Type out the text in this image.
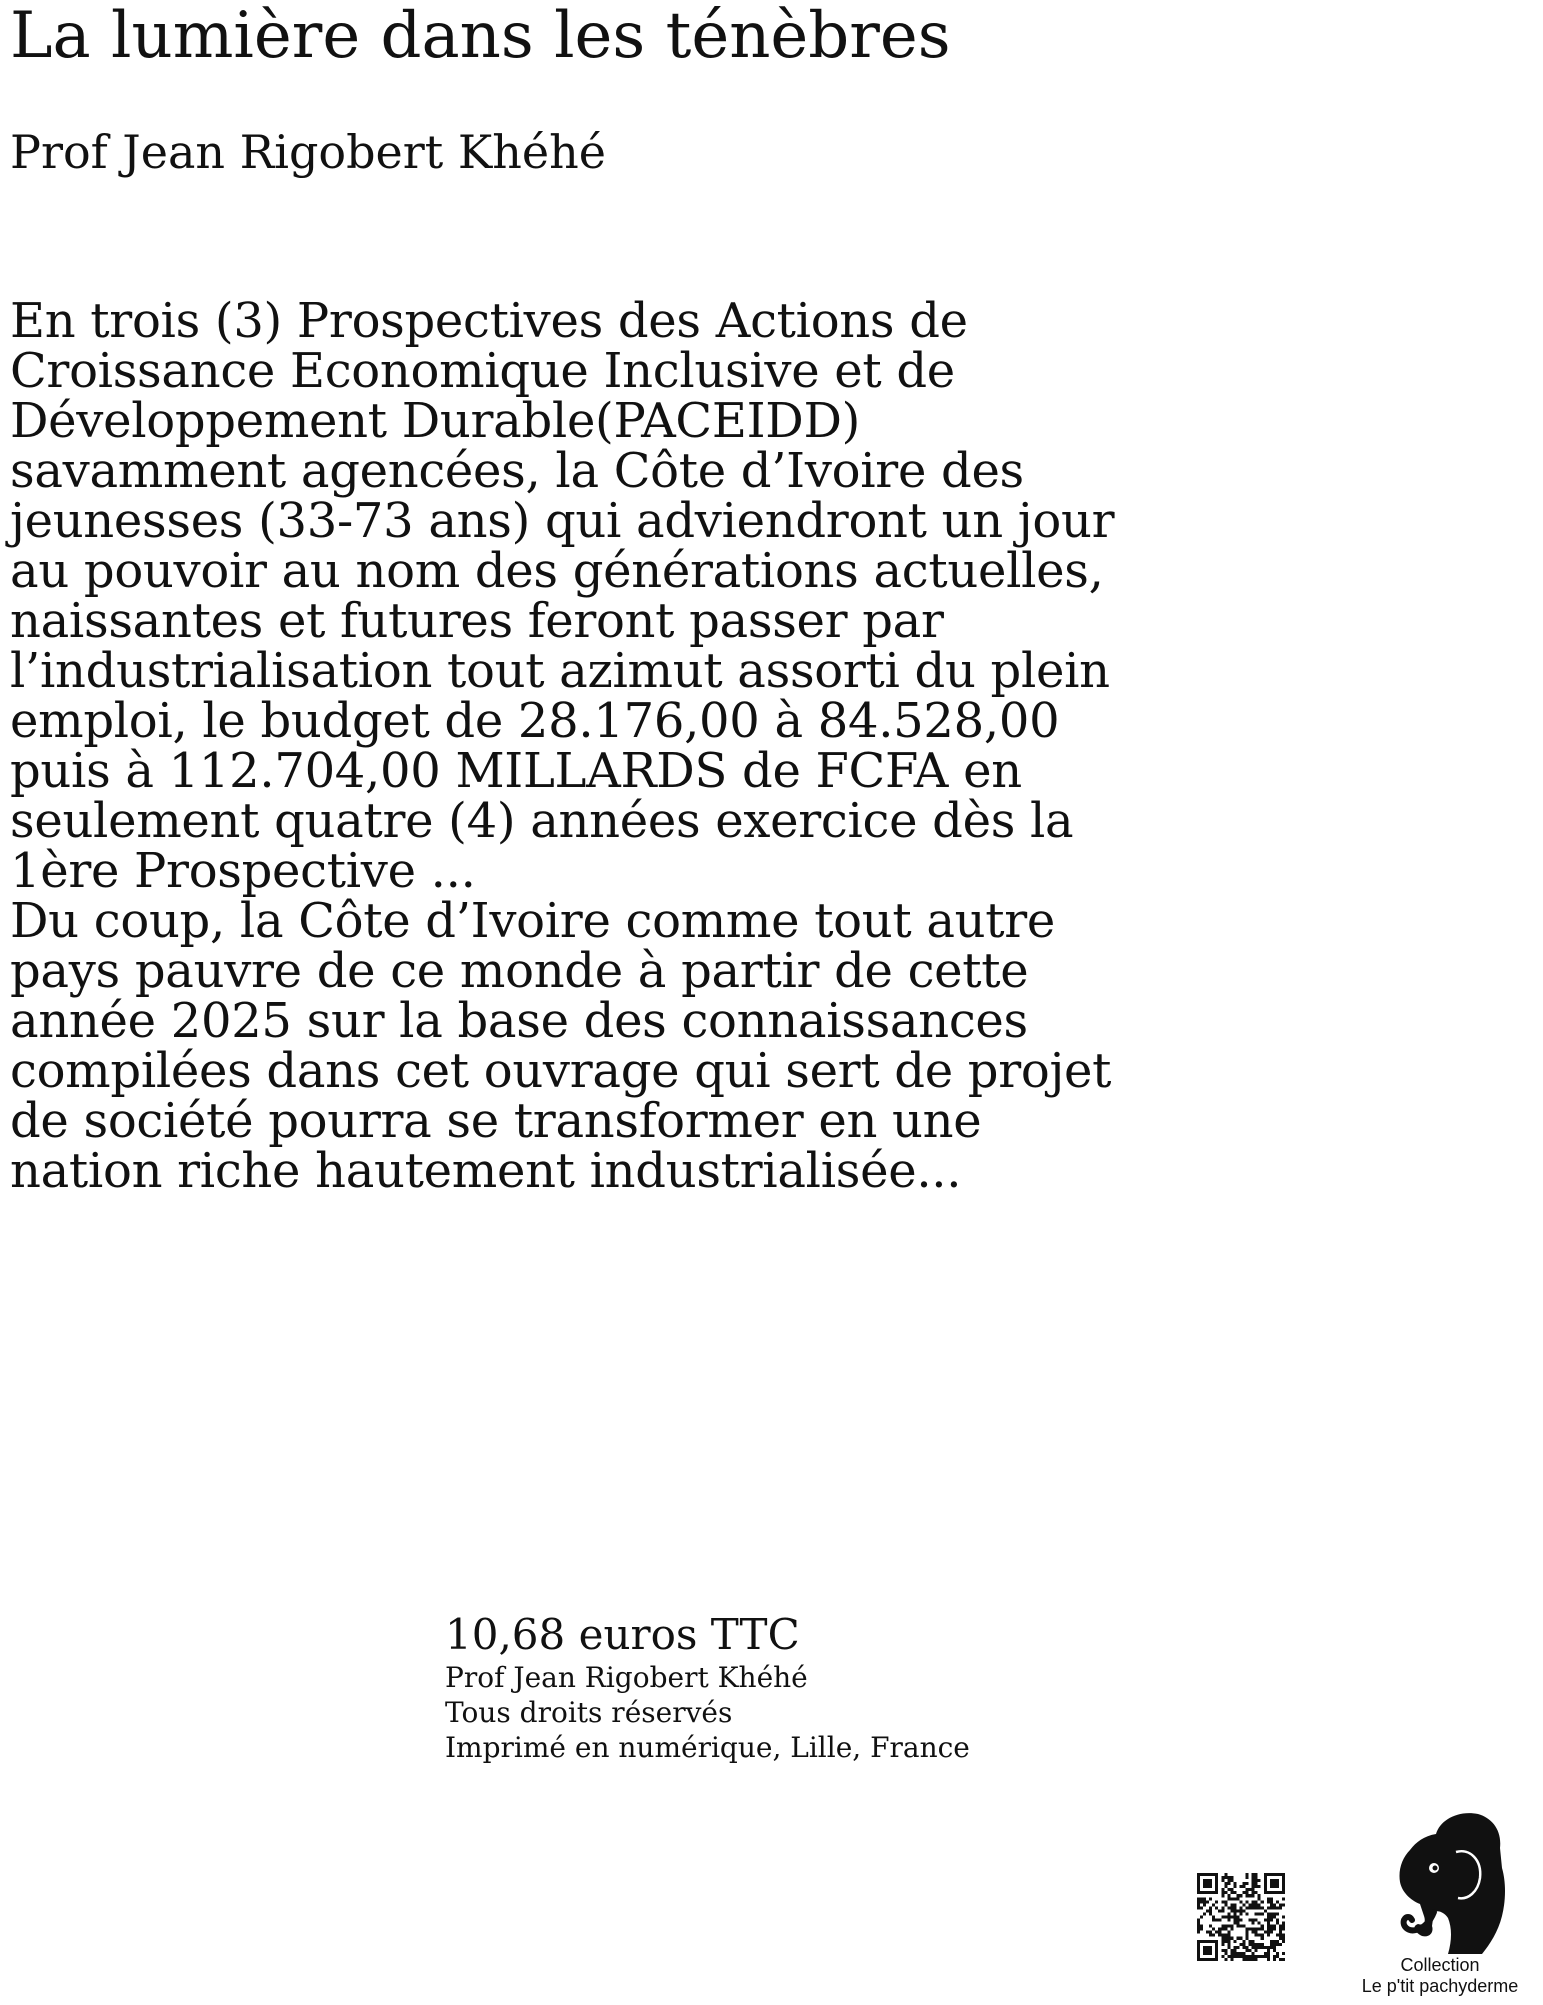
La lumière dans les ténèbres
Prof Jean Rigobert Khéhé

En trois (3) Prospectives des Actions de

Croissance Economique Inclusive et de

Développement Durable(PACEIDD)

savamment agencées, la Côte d’Ivoire des

jeunesses (33-73 ans) qui adviendront un jour

au pouvoir au nom des générations actuelles,

naissantes et futures feront passer par

l’industrialisation tout azimut assorti du plein

emploi, le budget de 28.176,00 à 84.528,00

puis à 112.704,00 MILLARDS de FCFA en

seulement quatre (4) années exercice dès la

1ère Prospective ...

Du coup, la Côte d’Ivoire comme tout autre

pays pauvre de ce monde à partir de cette

année 2025 sur la base des connaissances

compilées dans cet ouvrage qui sert de projet

de société pourra se transformer en une

nation riche hautement industrialisée...

10,68 euros TTC
Prof Jean Rigobert Khéhé
Tous droits réservés
Imprimé en numérique, Lille, France
Collection
Le p'tit pachyderme
